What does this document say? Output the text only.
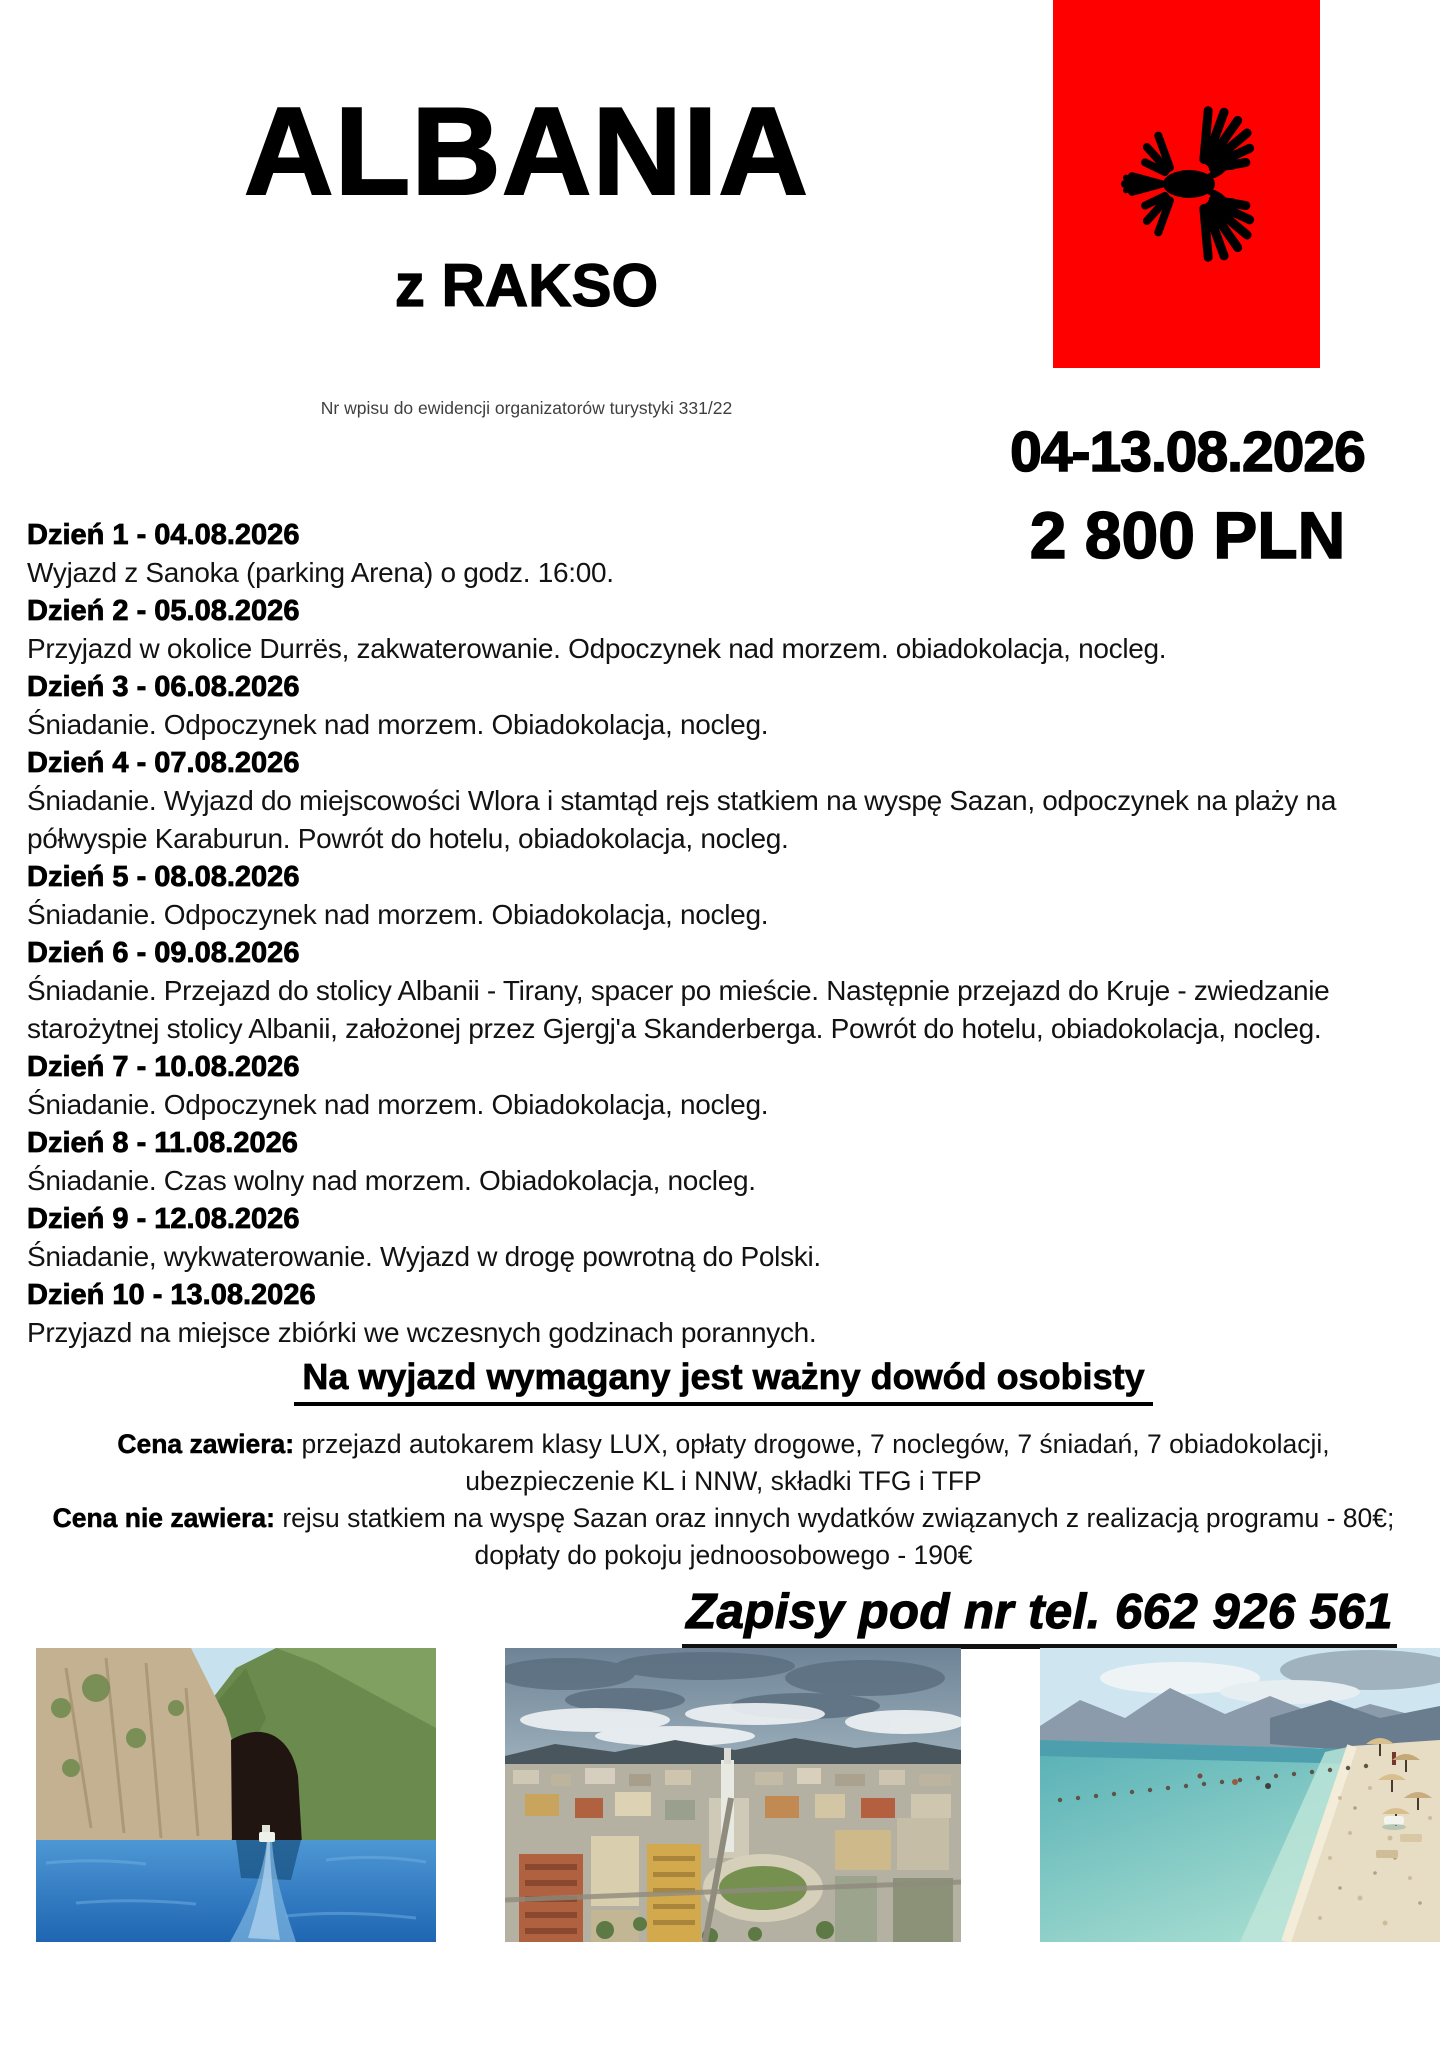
ALBANIA
z RAKSO
Nr wpisu do ewidencji organizatorów turystyki 331/22
04-13.08.2026
2 800 PLN
Dzień 1 - 04.08.2026
Wyjazd z Sanoka (parking Arena) o godz. 16:00.
Dzień 2 - 05.08.2026
Przyjazd w okolice Durrës, zakwaterowanie. Odpoczynek nad morzem. obiadokolacja, nocleg.
Dzień 3 - 06.08.2026
Śniadanie. Odpoczynek nad morzem. Obiadokolacja, nocleg.
Dzień 4 - 07.08.2026
Śniadanie. Wyjazd do miejscowości Wlora i stamtąd rejs statkiem na wyspę Sazan, odpoczynek na plaży na półwyspie Karaburun. Powrót do hotelu, obiadokolacja, nocleg.
Dzień 5 - 08.08.2026
Śniadanie. Odpoczynek nad morzem. Obiadokolacja, nocleg.
Dzień 6 - 09.08.2026
Śniadanie. Przejazd do stolicy Albanii - Tirany, spacer po mieście. Następnie przejazd do Kruje - zwiedzanie starożytnej stolicy Albanii, założonej przez Gjergj'a Skanderberga. Powrót do hotelu, obiadokolacja, nocleg.
Dzień 7 - 10.08.2026
Śniadanie. Odpoczynek nad morzem. Obiadokolacja, nocleg.
Dzień 8 - 11.08.2026
Śniadanie. Czas wolny nad morzem. Obiadokolacja, nocleg.
Dzień 9 - 12.08.2026
Śniadanie, wykwaterowanie. Wyjazd w drogę powrotną do Polski.
Dzień 10 - 13.08.2026
Przyjazd na miejsce zbiórki we wczesnych godzinach porannych.
Na wyjazd wymagany jest ważny dowód osobisty
Cena zawiera: przejazd autokarem klasy LUX, opłaty drogowe, 7 noclegów, 7 śniadań, 7 obiadokolacji,
ubezpieczenie KL i NNW, składki TFG i TFP
Cena nie zawiera: rejsu statkiem na wyspę Sazan oraz innych wydatków związanych z realizacją programu - 80€;
dopłaty do pokoju jednoosobowego - 190€
Zapisy pod nr tel. 662 926 561
